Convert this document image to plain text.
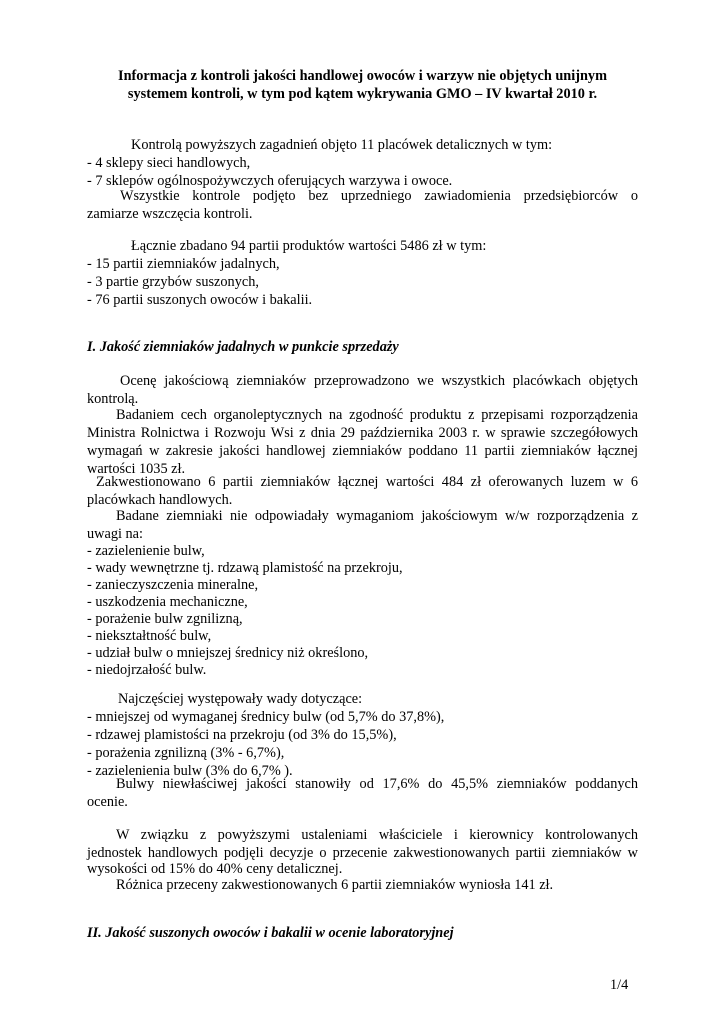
Informacja z kontroli jakości handlowej owoców i warzyw nie objętych unijnym
systemem kontroli, w tym pod kątem wykrywania GMO – IV kwartał 2010 r.
Kontrolą powyższych zagadnień objęto 11 placówek detalicznych w tym:
- 4 sklepy sieci handlowych,
- 7 sklepów ogólnospożywczych oferujących warzywa i owoce.
Wszystkie kontrole podjęto bez uprzedniego zawiadomienia przedsiębiorców o
zamiarze wszczęcia kontroli.
Łącznie zbadano 94 partii produktów wartości 5486 zł w tym:
- 15 partii ziemniaków jadalnych,
- 3 partie grzybów suszonych,
- 76 partii suszonych owoców i bakalii.
I. Jakość ziemniaków jadalnych w punkcie sprzedaży
Ocenę jakościową ziemniaków przeprowadzono we wszystkich placówkach objętych
kontrolą.
Badaniem cech organoleptycznych na zgodność produktu z przepisami rozporządzenia
Ministra Rolnictwa i Rozwoju Wsi z dnia 29 października 2003 r. w sprawie szczegółowych
wymagań w zakresie jakości handlowej ziemniaków poddano 11 partii ziemniaków łącznej
wartości 1035 zł.
Zakwestionowano 6 partii ziemniaków łącznej wartości 484 zł oferowanych luzem w 6
placówkach handlowych.
Badane ziemniaki nie odpowiadały wymaganiom jakościowym w/w rozporządzenia z
uwagi na:
- zazielenienie bulw,
- wady wewnętrzne tj. rdzawą plamistość na przekroju,
- zanieczyszczenia mineralne,
- uszkodzenia mechaniczne,
- porażenie bulw zgnilizną,
- niekształtność bulw,
- udział bulw o mniejszej średnicy niż określono,
- niedojrzałość bulw.
Najczęściej występowały wady dotyczące:
- mniejszej od wymaganej średnicy bulw (od 5,7% do 37,8%),
- rdzawej plamistości na przekroju (od 3% do 15,5%),
- porażenia zgnilizną (3% - 6,7%),
- zazielenienia bulw (3% do 6,7% ).
Bulwy niewłaściwej jakości stanowiły od 17,6% do 45,5% ziemniaków poddanych
ocenie.
W związku z powyższymi ustaleniami właściciele i kierownicy kontrolowanych
jednostek handlowych podjęli decyzje o przecenie zakwestionowanych partii ziemniaków w
wysokości od 15% do 40% ceny detalicznej.
Różnica przeceny zakwestionowanych 6 partii ziemniaków wyniosła 141 zł.
II. Jakość suszonych owoców i bakalii w ocenie laboratoryjnej
1/4
